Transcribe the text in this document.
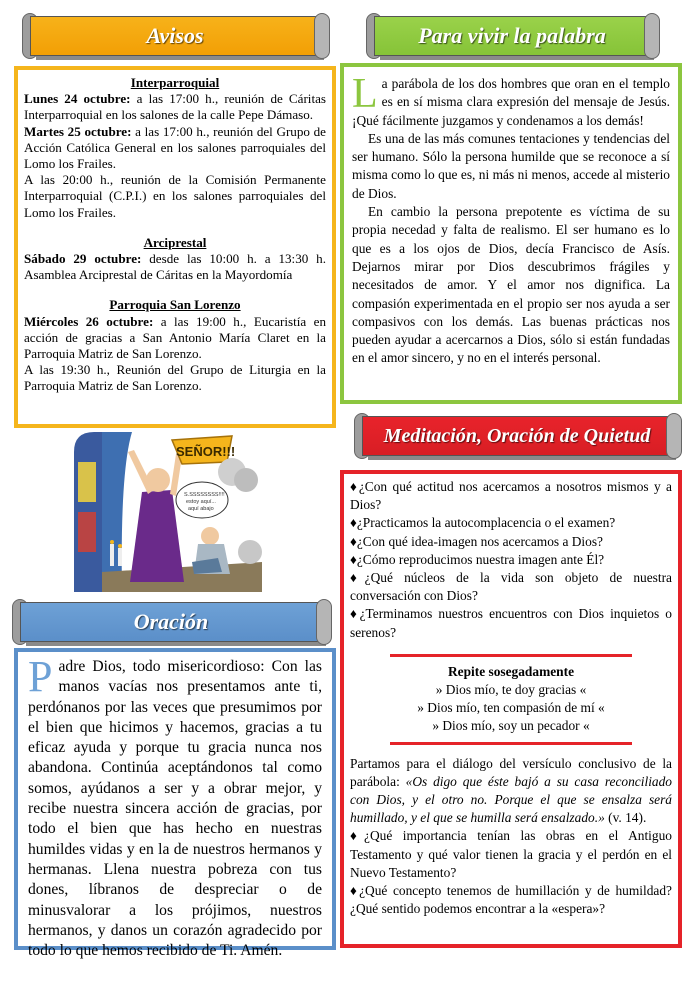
Avisos	Para vivir la palabra
Interparroquial

Lunes 24 octubre: a las 17:00 h., reunión de Cáritas Interparroquial en los salones de la calle Pepe Dámaso.

Martes 25 octubre: a las 17:00 h., reunión del Grupo de Acción Católica General en los salones parroquiales del Lomo los Frailes.

A las 20:00 h., reunión de la Comisión Permanente Interparroquial (C.P.I.) en los salones parroquiales del Lomo los Frailes.

Arciprestal

Sábado 29 octubre: desde las 10:00 h. a 13:30 h. Asamblea Arciprestal de Cáritas en la Mayordomía

Parroquia San Lorenzo

Miércoles 26 octubre: a las 19:00 h., Eucaristía en acción de gracias a San Antonio María Claret en la Parroquia Matriz de San Lorenzo.

A las 19:30 h., Reunión del Grupo de Liturgia en la Parroquia Matriz de San Lorenzo.

La parábola de los dos hombres que oran en el templo es en sí misma clara expresión del mensaje de Jesús. ¡Qué fácilmente juzgamos y condenamos a los demás!

Es una de las más comunes tentaciones y tendencias del ser humano. Sólo la persona humilde que se reconoce a sí misma como lo que es, ni más ni menos, accede al misterio de Dios.

En cambio la persona prepotente es víctima de su propia necedad y falta de realismo. El ser humano es lo que es a los ojos de Dios, decía Francisco de Asís. Dejarnos mirar por Dios descubrimos frágiles y necesitados de amor. Y el amor nos dignifica. La compasión experimentada en el propio ser nos ayuda a ser compasivos con los demás. Las buenas prácticas nos pueden ayudar a acercarnos a Dios, sólo si están fundadas en el amor sincero, y no en el interés personal.

SEÑOR!!!
S.SSSSSSSS!!!!
estoy aquí...
aquí abajo
Meditación, Oración de Quietud
♦¿Con qué actitud nos acercamos a nosotros mismos y a Dios?
♦¿Practicamos la autocomplacencia o el examen?
♦¿Con qué idea-imagen nos acercamos a Dios?
♦¿Cómo reproducimos nuestra imagen ante Él?
♦¿Qué núcleos de la vida son objeto de nuestra conversación con Dios?
♦¿Terminamos nuestros encuentros con Dios inquietos o serenos?
Repite sosegadamente
» Dios mío, te doy gracias «
» Dios mío, ten compasión de mí «
» Dios mío, soy un pecador «

Partamos para el diálogo del versículo conclusivo de la parábola: «Os digo que éste bajó a su casa reconciliado con Dios, y el otro no. Porque el que se ensalza será humillado, y el que se humilla será ensalzado.» (v. 14).

♦¿Qué importancia tenían las obras en el Antiguo Testamento y qué valor tienen la gracia y el perdón en el Nuevo Testamento?
♦¿Qué concepto tenemos de humillación y de humildad?¿Qué sentido podemos encontrar a la «espera»?
Oración

Padre Dios, todo misericordioso: Con las manos vacías nos presentamos ante ti, perdónanos por las veces que presumimos por el bien que hicimos y hacemos, gracias a tu eficaz ayuda y porque tu gracia nunca nos abandona. Continúa aceptándonos tal como somos, ayúdanos a ser y a obrar mejor, y recibe nuestra sincera acción de gracias, por todo el bien que has hecho en nuestras humildes vidas y en la de nuestros hermanos y hermanas. Llena nuestra pobreza con tus dones, líbranos de despreciar o de minusvalorar a los prójimos, nuestros hermanos, y danos un corazón agradecido por todo lo que hemos recibido de Ti. Amén.
